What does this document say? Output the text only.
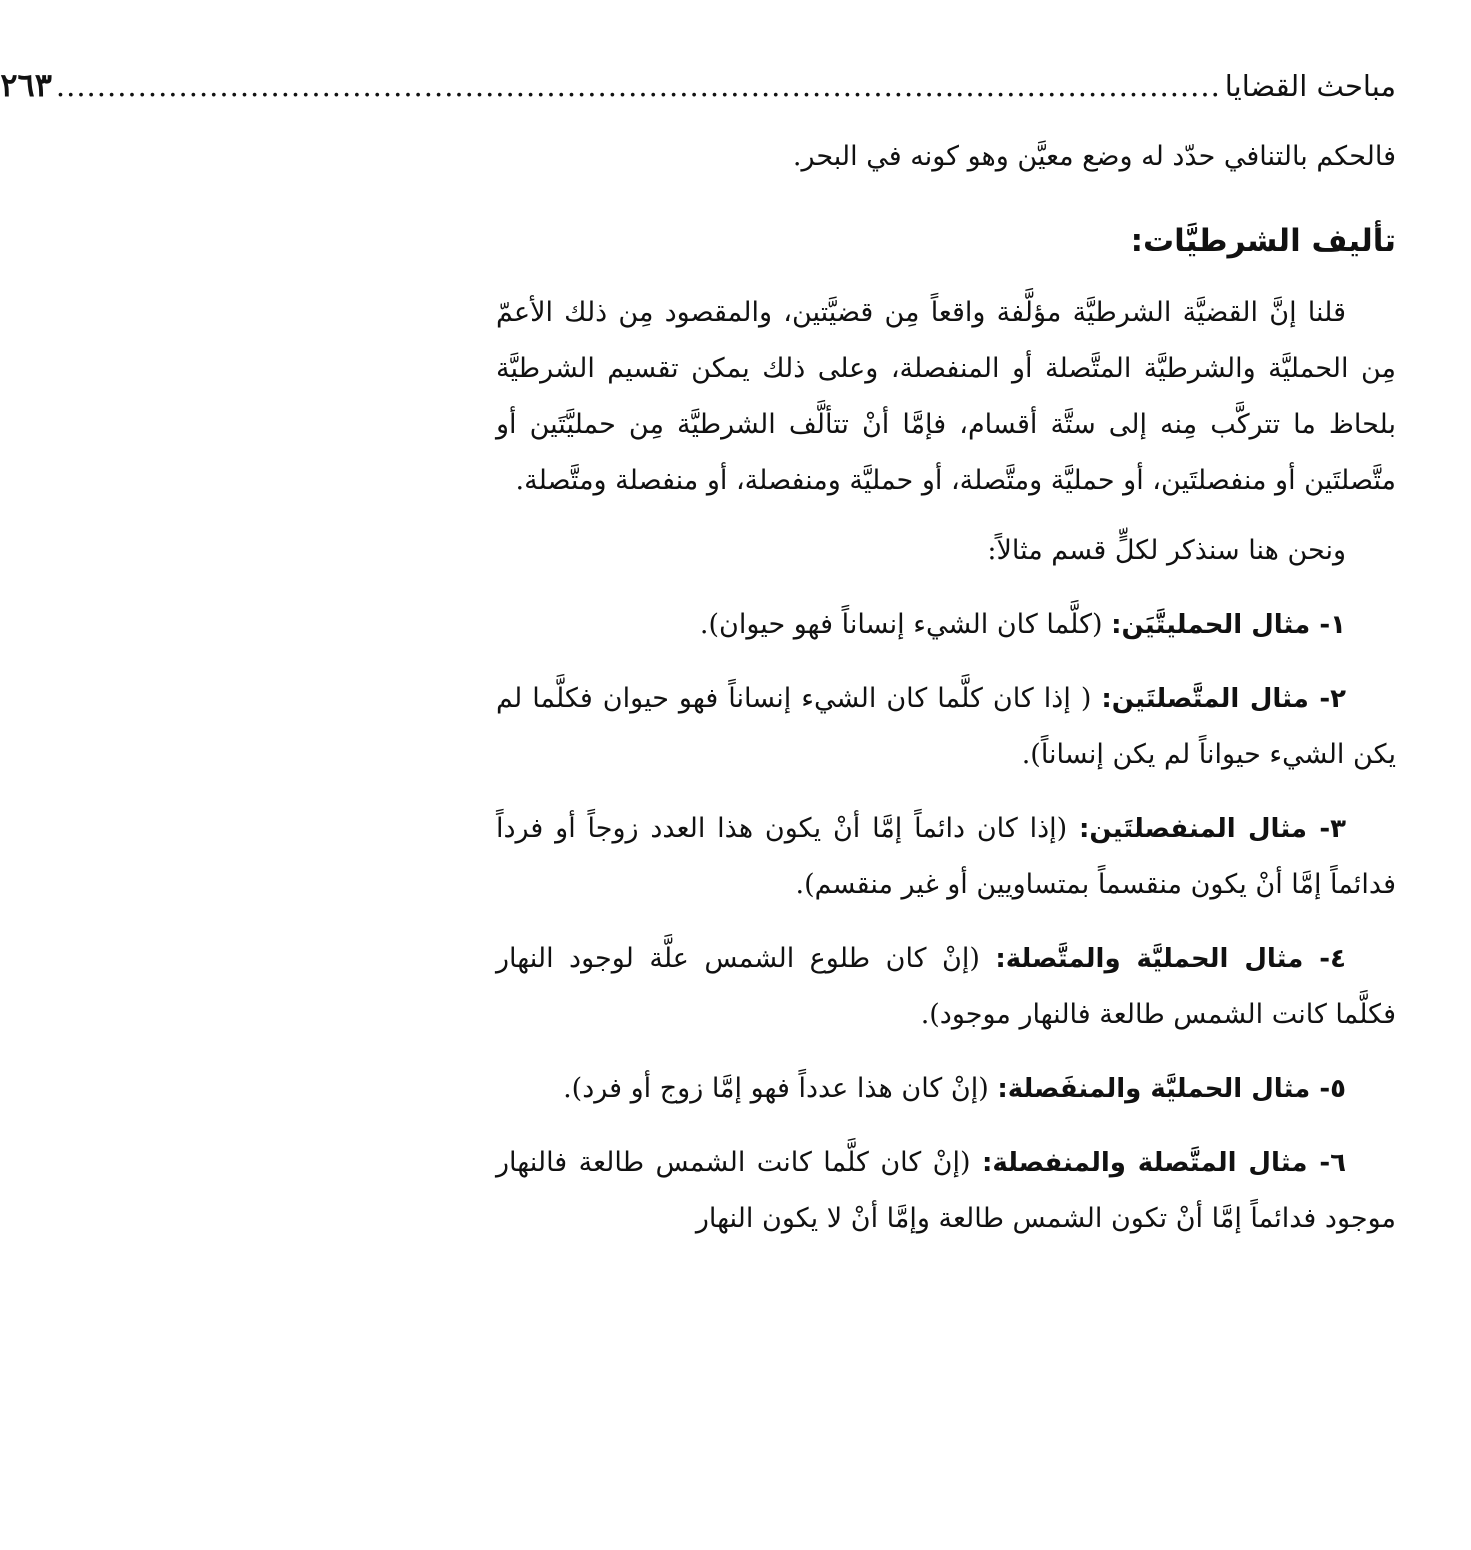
مباحث القضايا
..................................................................................................................
٢٦٣

فالحكم بالتنافي حدّد له وضع معيَّن وهو كونه في البحر.

تأليف الشرطيَّات:

قلنا إنَّ القضيَّة الشرطيَّة مؤلَّفة واقعاً مِن قضيَّتين، والمقصود مِن ذلك الأعمّ مِن الحمليَّة والشرطيَّة المتَّصلة أو المنفصلة، وعلى ذلك يمكن تقسيم الشرطيَّة بلحاظ ما تتركَّب مِنه إلى ستَّة أقسام، فإمَّا أنْ تتألَّف الشرطيَّة مِن حمليَّتَين أو متَّصلتَين أو منفصلتَين، أو حمليَّة ومتَّصلة، أو حمليَّة ومنفصلة، أو منفصلة ومتَّصلة.

ونحن هنا سنذكر لكلٍّ قسم مثالاً:

١- مثال الحمليتَّيَن: (كلَّما كان الشيء إنساناً فهو حيوان).

٢- مثال المتَّصلتَين: ( إذا كان كلَّما كان الشيء إنساناً فهو حيوان فكلَّما لم يكن الشيء حيواناً لم يكن إنساناً).

٣- مثال المنفصلتَين: (إذا كان دائماً إمَّا أنْ يكون هذا العدد زوجاً أو فرداً فدائماً إمَّا أنْ يكون منقسماً بمتساويين أو غير منقسم).

٤- مثال الحمليَّة والمتَّصلة: (إنْ كان طلوع الشمس علَّة لوجود النهار فكلَّما كانت الشمس طالعة فالنهار موجود).

٥- مثال الحمليَّة والمنفَصلة: (إنْ كان هذا عدداً فهو إمَّا زوج أو فرد).

٦- مثال المتَّصلة والمنفصلة: (إنْ كان كلَّما كانت الشمس طالعة فالنهار موجود فدائماً إمَّا أنْ تكون الشمس طالعة وإمَّا أنْ لا يكون النهار
